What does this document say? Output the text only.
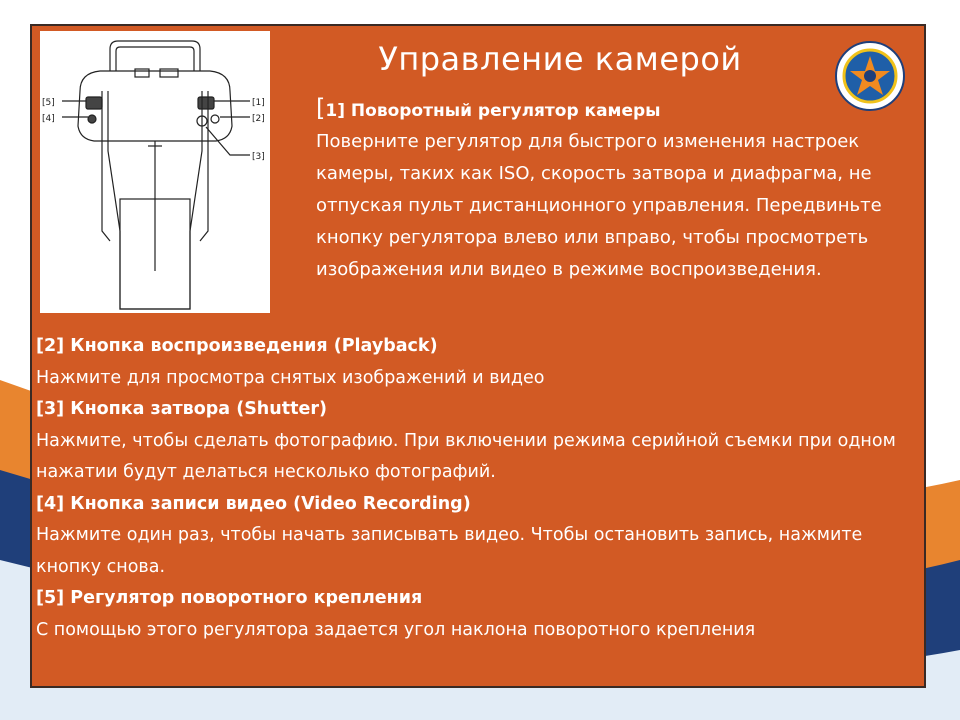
[5]
[4]
[1]
[2]
[3]
Управление камерой
[1] Поворотный регулятор камеры
Поверните регулятор для быстрого изменения настроек камеры, таких как ISO, скорость затвора и диафрагма, не отпуская пульт дистанционного управления. Передвиньте кнопку регулятора влево или вправо, чтобы просмотреть изображения или видео в режиме воспроизведения.

[2] Кнопка воспроизведения (Playback)

Нажмите для просмотра снятых изображений и видео

[3] Кнопка затвора (Shutter)

Нажмите, чтобы сделать фотографию. При включении режима серийной съемки при одном нажатии будут делаться несколько фотографий.

[4] Кнопка записи видео (Video Recording)

Нажмите один раз, чтобы начать записывать видео. Чтобы остановить запись, нажмите кнопку снова.

[5] Регулятор поворотного крепления

С помощью этого регулятора задается угол наклона поворотного крепления
